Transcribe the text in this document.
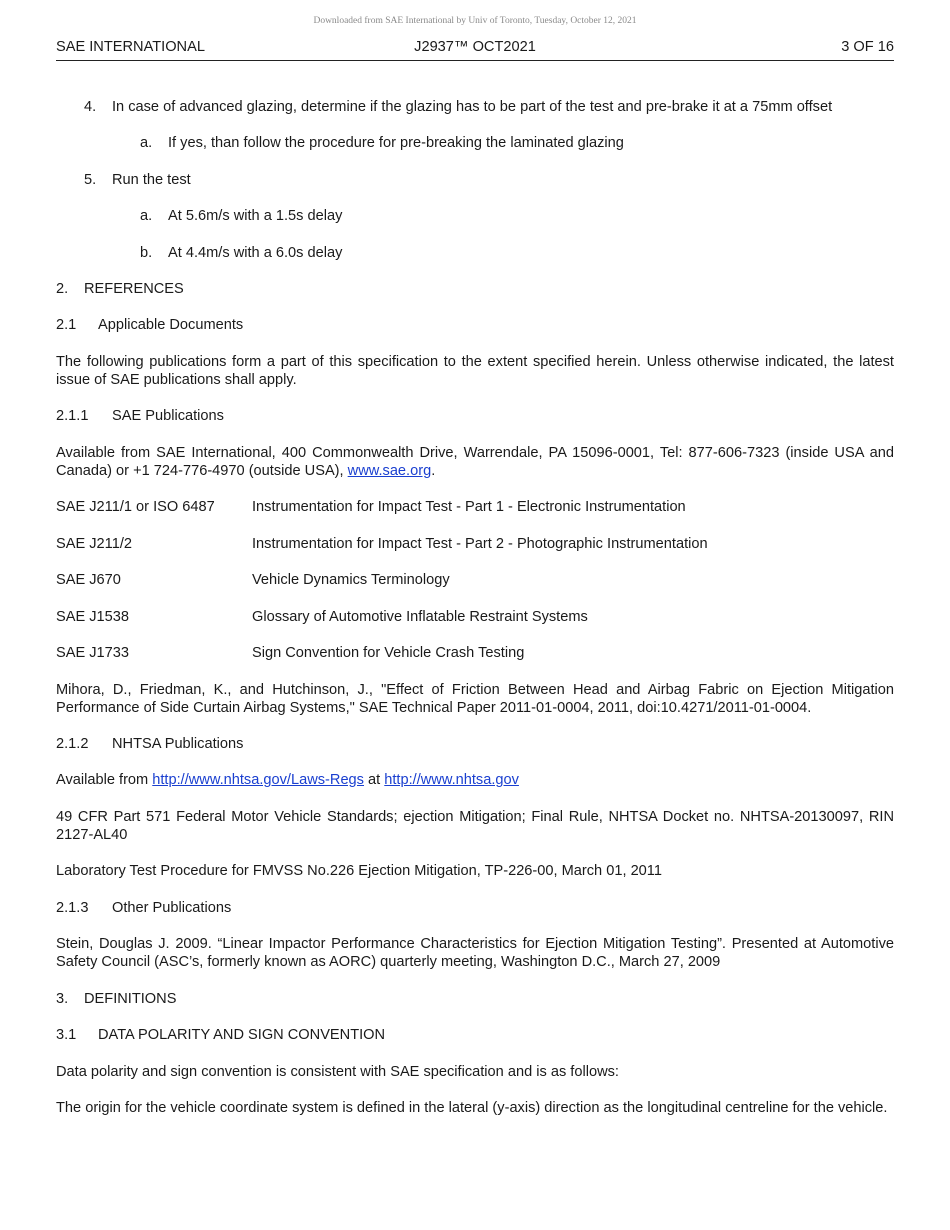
Downloaded from SAE International by Univ of Toronto, Tuesday, October 12, 2021
SAE INTERNATIONAL	J2937™ OCT2021	3 OF 16
4. In case of advanced glazing, determine if the glazing has to be part of the test and pre-brake it at a 75mm offset
a. If yes, than follow the procedure for pre-breaking the laminated glazing
5. Run the test
a. At 5.6m/s with a 1.5s delay
b. At 4.4m/s with a 6.0s delay
2. REFERENCES
2.1 Applicable Documents
The following publications form a part of this specification to the extent specified herein. Unless otherwise indicated, the latest issue of SAE publications shall apply.
2.1.1 SAE Publications
Available from SAE International, 400 Commonwealth Drive, Warrendale, PA 15096-0001, Tel: 877-606-7323 (inside USA and Canada) or +1 724-776-4970 (outside USA), www.sae.org.
SAE J211/1 or ISO 6487	Instrumentation for Impact Test - Part 1 - Electronic Instrumentation
SAE J211/2	Instrumentation for Impact Test - Part 2 - Photographic Instrumentation
SAE J670	Vehicle Dynamics Terminology
SAE J1538	Glossary of Automotive Inflatable Restraint Systems
SAE J1733	Sign Convention for Vehicle Crash Testing
Mihora, D., Friedman, K., and Hutchinson, J., "Effect of Friction Between Head and Airbag Fabric on Ejection Mitigation Performance of Side Curtain Airbag Systems," SAE Technical Paper 2011-01-0004, 2011, doi:10.4271/2011-01-0004.
2.1.2 NHTSA Publications
Available from http://www.nhtsa.gov/Laws-Regs at http://www.nhtsa.gov
49 CFR Part 571 Federal Motor Vehicle Standards; ejection Mitigation; Final Rule, NHTSA Docket no. NHTSA-20130097, RIN 2127-AL40
Laboratory Test Procedure for FMVSS No.226 Ejection Mitigation, TP-226-00, March 01, 2011
2.1.3 Other Publications
Stein, Douglas J. 2009. “Linear Impactor Performance Characteristics for Ejection Mitigation Testing”. Presented at Automotive Safety Council (ASC’s, formerly known as AORC) quarterly meeting, Washington D.C., March 27, 2009
3. DEFINITIONS
3.1 DATA POLARITY AND SIGN CONVENTION
Data polarity and sign convention is consistent with SAE specification and is as follows:
The origin for the vehicle coordinate system is defined in the lateral (y-axis) direction as the longitudinal centreline for the vehicle.
